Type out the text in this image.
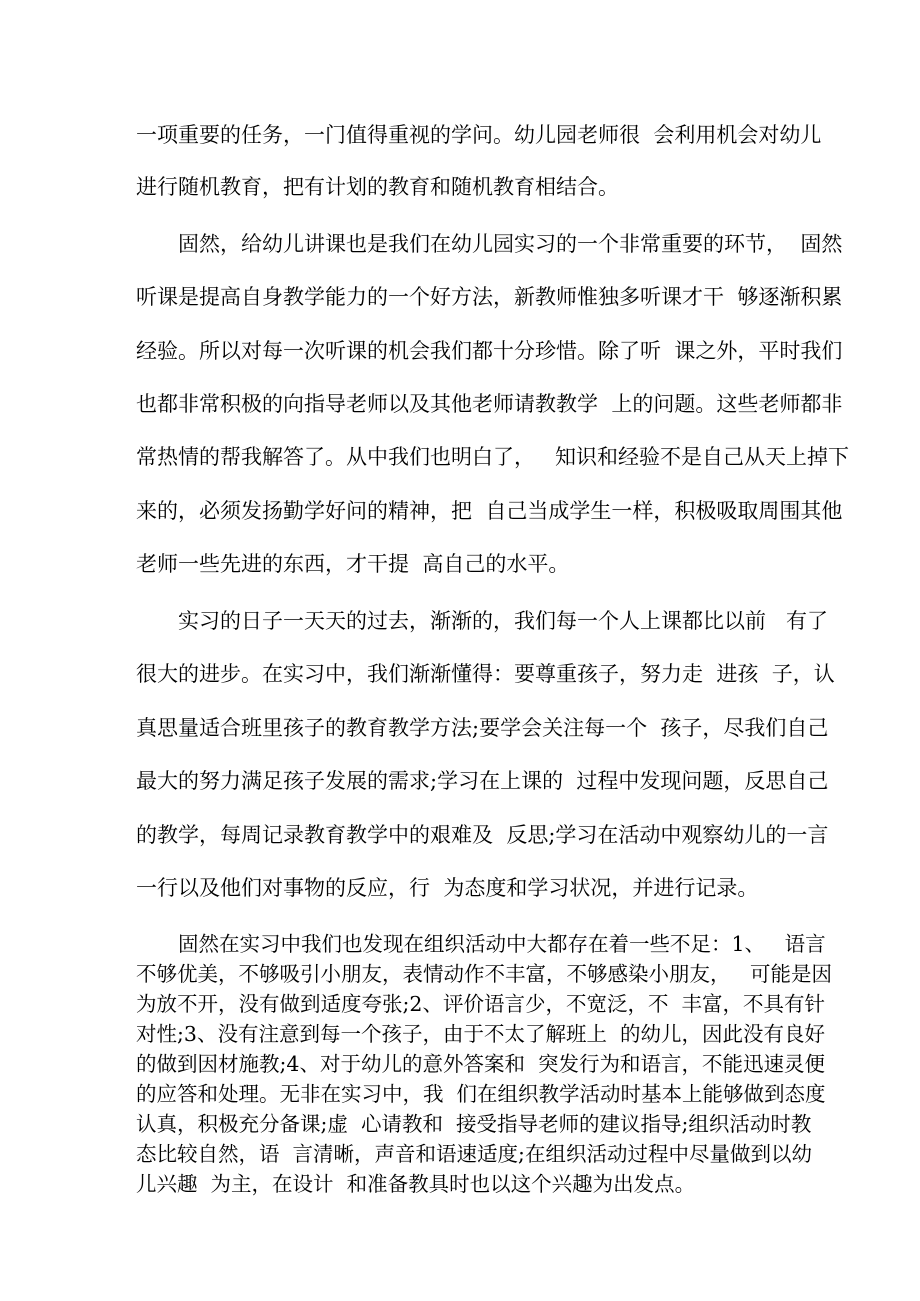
一项重要的任务，一门值得重视的学问。幼儿园老师很  会利用机会对幼儿
进行随机教育，把有计划的教育和随机教育相结合。
固然，给幼儿讲课也是我们在幼儿园实习的一个非常重要的环节，  固然
听课是提高自身教学能力的一个好方法，新教师惟独多听课才干  够逐渐积累
经验。所以对每一次听课的机会我们都十分珍惜。除了听  课之外，平时我们
也都非常积极的向指导老师以及其他老师请教教学  上的问题。这些老师都非
常热情的帮我解答了。从中我们也明白了，   知识和经验不是自己从天上掉下
来的，必须发扬勤学好问的精神，把  自己当成学生一样，积极吸取周围其他
老师一些先进的东西，才干提  高自己的水平。
实习的日子一天天的过去，渐渐的，我们每一个人上课都比以前   有了
很大的进步。在实习中，我们渐渐懂得：要尊重孩子，努力走  进孩  子，认
真思量适合班里孩子的教育教学方法;要学会关注每一个  孩子，尽我们自己
最大的努力满足孩子发展的需求;学习在上课的  过程中发现问题，反思自己
的教学，每周记录教育教学中的艰难及  反思;学习在活动中观察幼儿的一言
一行以及他们对事物的反应，行  为态度和学习状况，并进行记录。
固然在实习中我们也发现在组织活动中大都存在着一些不足：1、   语言
不够优美，不够吸引小朋友，表情动作不丰富，不够感染小朋友，   可能是因
为放不开，没有做到适度夸张;2、评价语言少，不宽泛，不  丰富，不具有针
对性;3、没有注意到每一个孩子，由于不太了解班上  的幼儿，因此没有良好
的做到因材施教;4、对于幼儿的意外答案和  突发行为和语言，不能迅速灵便
的应答和处理。无非在实习中，我  们在组织教学活动时基本上能够做到态度
认真，积极充分备课;虚  心请教和  接受指导老师的建议指导;组织活动时教
态比较自然，语  言清晰，声音和语速适度;在组织活动过程中尽量做到以幼
儿兴趣  为主，在设计  和准备教具时也以这个兴趣为出发点。
